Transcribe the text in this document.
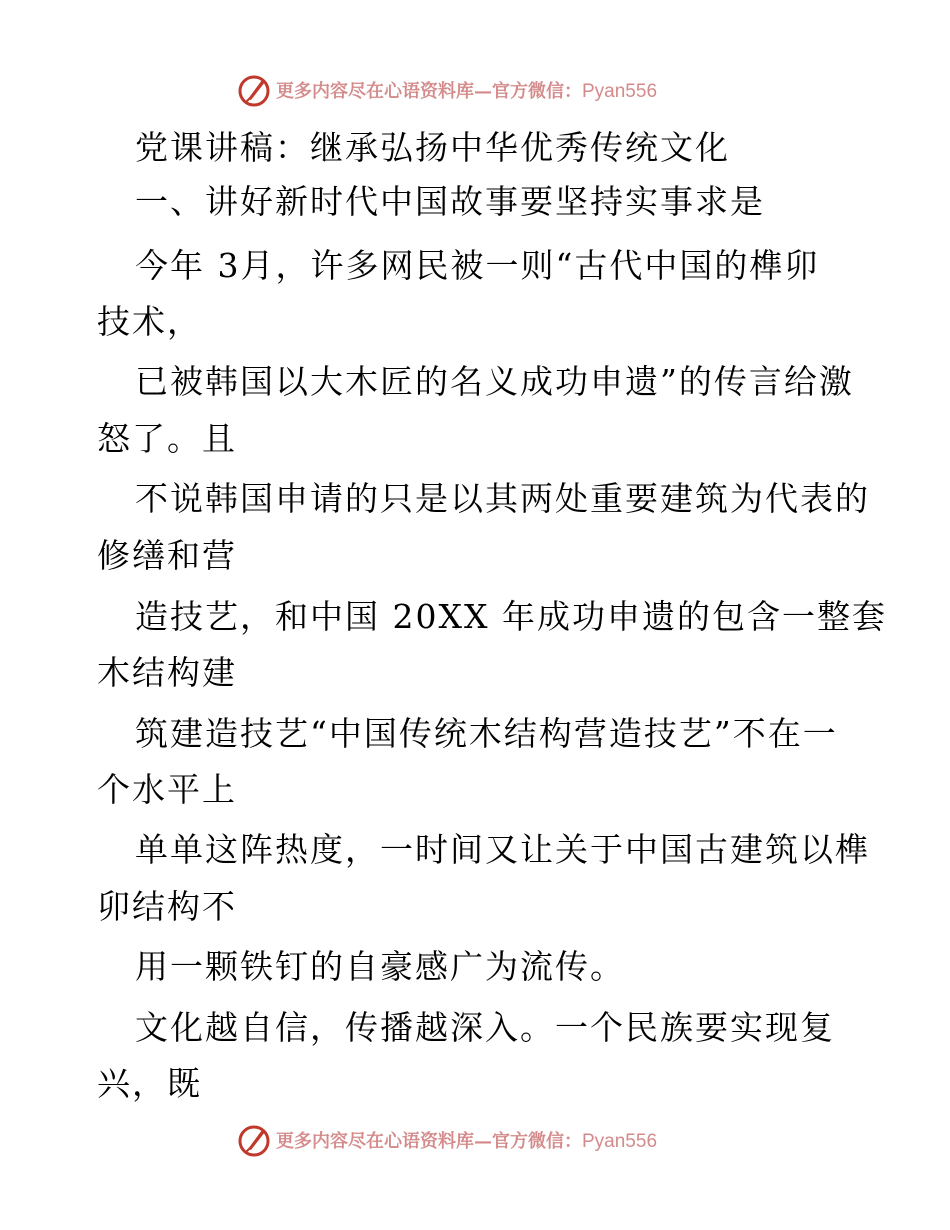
更多内容尽在心语资料库—官方微信：Pyan556
党课讲稿：继承弘扬中华优秀传统文化
一、讲好新时代中国故事要坚持实事求是
今年 3月，许多网民被一则“古代中国的榫卯
技术，
已被韩国以大木匠的名义成功申遗”的传言给激
怒了。且
不说韩国申请的只是以其两处重要建筑为代表的
修缮和营
造技艺，和中国 20XX 年成功申遗的包含一整套
木结构建
筑建造技艺“中国传统木结构营造技艺”不在一
个水平上
单单这阵热度，一时间又让关于中国古建筑以榫
卯结构不
用一颗铁钉的自豪感广为流传。
文化越自信，传播越深入。一个民族要实现复
兴，既
更多内容尽在心语资料库—官方微信：Pyan556
